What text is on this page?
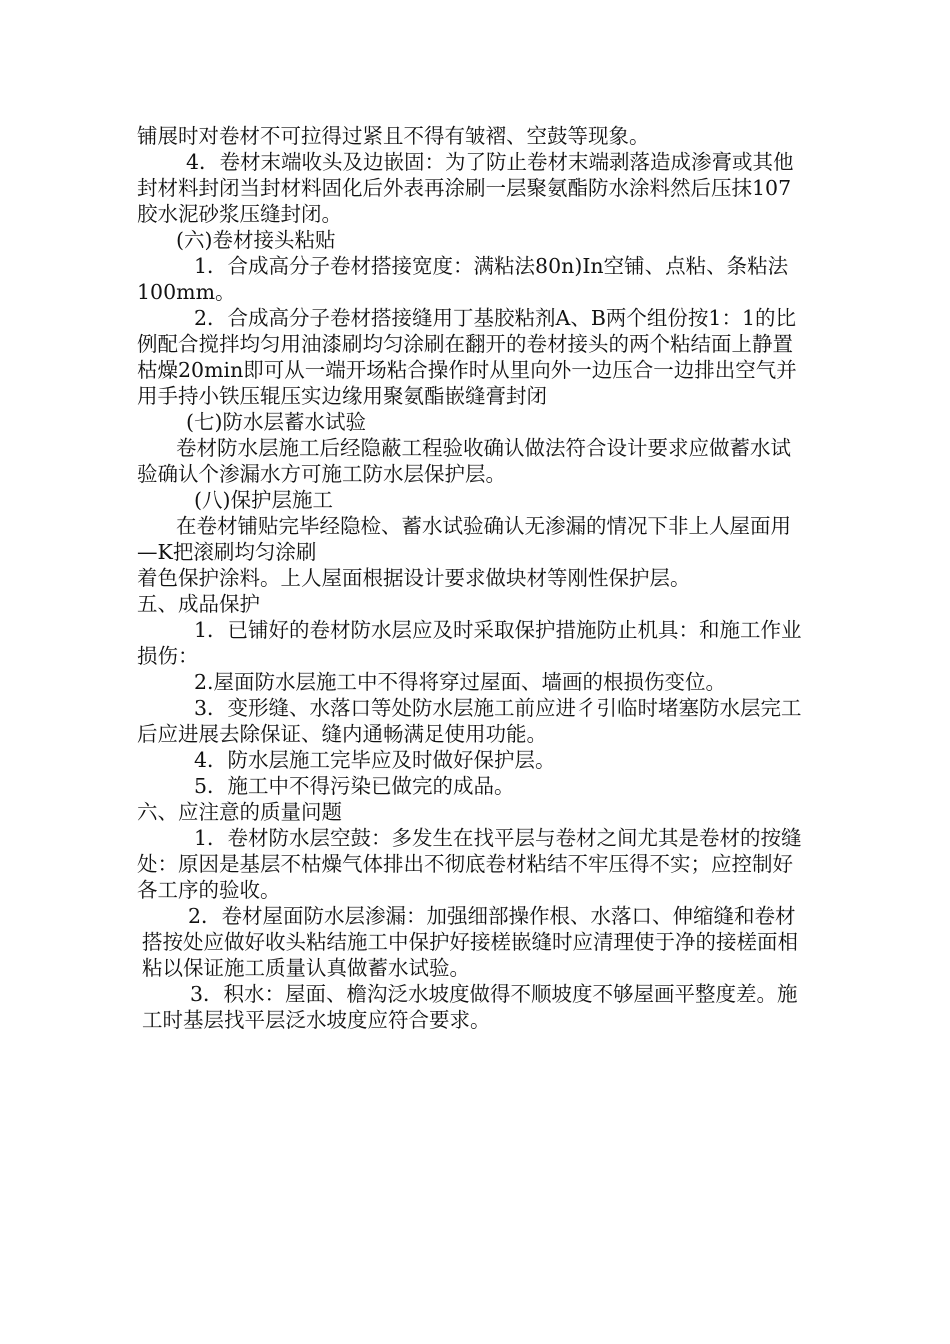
铺展时对卷材不可拉得过紧且不得有皱褶、空鼓等现象。
4．卷材末端收头及边嵌固：为了防止卷材末端剥落造成渗膏或其他
封材料封闭当封材料固化后外表再涂刷一层聚氨酯防水涂料然后压抹107
胶水泥砂浆压缝封闭。
(六)卷材接头粘贴
1．合成高分子卷材搭接宽度：满粘法80n)In空铺、点粘、条粘法
100mm。
2．合成高分子卷材搭接缝用丁基胶粘剂A、B两个组份按1：1的比
例配合搅拌均匀用油漆刷均匀涂刷在翻开的卷材接头的两个粘结面上静置
枯燥20min即可从一端开场粘合操作时从里向外一边压合一边排出空气并
用手持小铁压辊压实边缘用聚氨酯嵌缝膏封闭
(七)防水层蓄水试验
卷材防水层施工后经隐蔽工程验收确认做法符合设计要求应做蓄水试
验确认个渗漏水方可施工防水层保护层。
(八)保护层施工
在卷材铺贴完毕经隐检、蓄水试验确认无渗漏的情况下非上人屋面用
—K把滚刷均匀涂刷
着色保护涂料。上人屋面根据设计要求做块材等刚性保护层。
五、成品保护
1．已铺好的卷材防水层应及时采取保护措施防止机具：和施工作业
损伤：
2.屋面防水层施工中不得将穿过屋面、墙画的根损伤变位。
3．变形缝、水落口等处防水层施工前应进彳引临时堵塞防水层完工
后应进展去除保证、缝内通畅满足使用功能。
4．防水层施工完毕应及时做好保护层。
5．施工中不得污染已做完的成品。
六、应注意的质量问题
1．卷材防水层空鼓：多发生在找平层与卷材之间尤其是卷材的按缝
处：原因是基层不枯燥气体排出不彻底卷材粘结不牢压得不实；应控制好
各工序的验收。
2．卷材屋面防水层渗漏：加强细部操作根、水落口、伸缩缝和卷材
搭按处应做好收头粘结施工中保护好接槎嵌缝时应清理使于净的接槎面相
粘以保证施工质量认真做蓄水试验。
3．积水：屋面、檐沟泛水坡度做得不顺坡度不够屋画平整度差。施
工时基层找平层泛水坡度应符合要求。
